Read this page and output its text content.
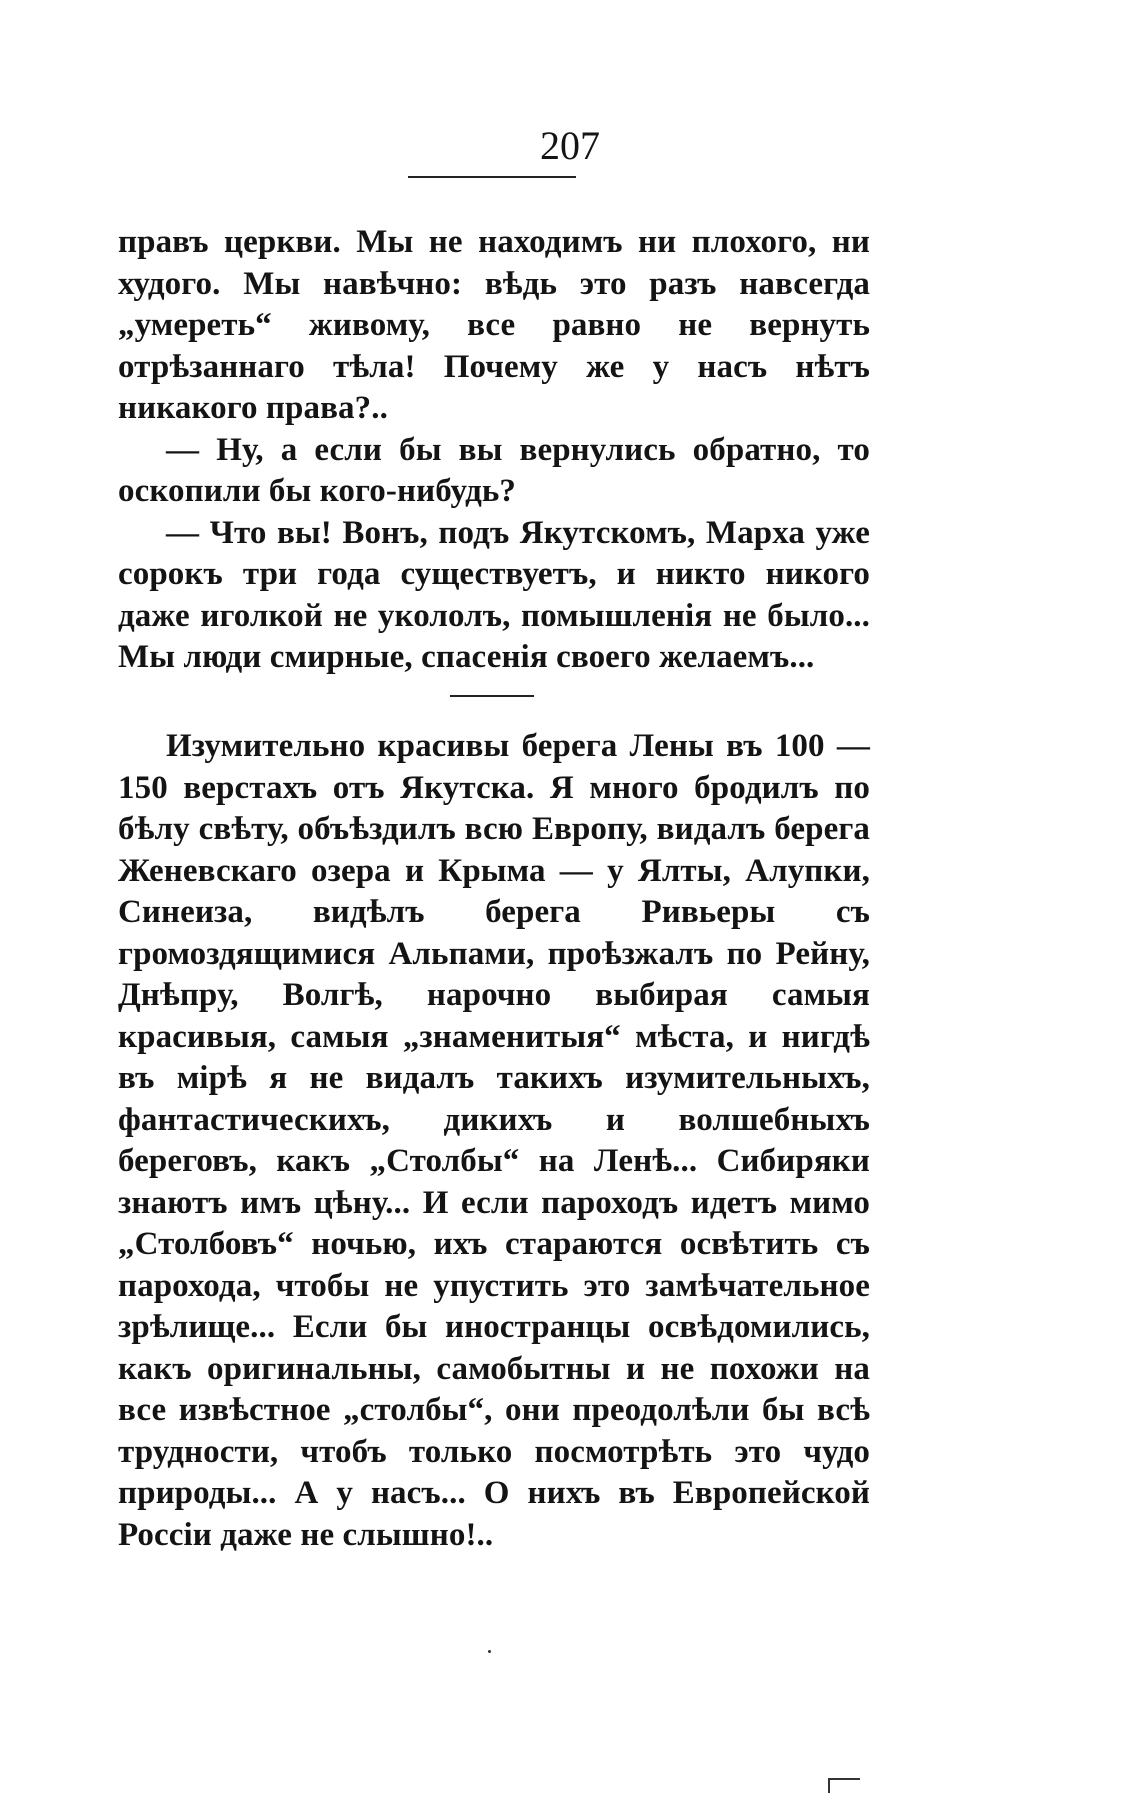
207

правъ церкви. Мы не находимъ ни плохого, ни худого. Мы навѣчно: вѣдь это разъ навсегда „умереть“ живому, все равно не вернуть отрѣзаннаго тѣла! Почему же у насъ нѣтъ никакого права?..

— Ну, а если бы вы вернулись обратно, то оскопили бы кого-нибудь?

— Что вы! Вонъ, подъ Якутскомъ, Марха уже сорокъ три года существуетъ, и никто никого даже иголкой не укололъ, помышленія не было... Мы люди смирные, спасенія своего желаемъ...

Изумительно красивы берега Лены въ 100 — 150 верстахъ отъ Якутска. Я много бродилъ по бѣлу свѣту, объѣздилъ всю Европу, видалъ берега Женевскаго озера и Крыма — у Ялты, Алупки, Синеиза, видѣлъ берега Ривьеры съ громоздящимися Альпами, проѣзжалъ по Рейну, Днѣпру, Волгѣ, нарочно выбирая самыя красивыя, самыя „знаменитыя“ мѣста, и нигдѣ въ мірѣ я не видалъ такихъ изумительныхъ, фантастическихъ, дикихъ и волшебныхъ береговъ, какъ „Столбы“ на Ленѣ... Сибиряки знаютъ имъ цѣну... И если пароходъ идетъ мимо „Столбовъ“ ночью, ихъ стараются освѣтить съ парохода, чтобы не упустить это замѣчательное зрѣлище... Если бы иностранцы освѣдомились, какъ оригинальны, самобытны и не похожи на все извѣстное „столбы“, они преодолѣли бы всѣ трудности, чтобъ только посмотрѣть это чудо природы... А у насъ... О нихъ въ Европейской Россіи даже не слышно!..
